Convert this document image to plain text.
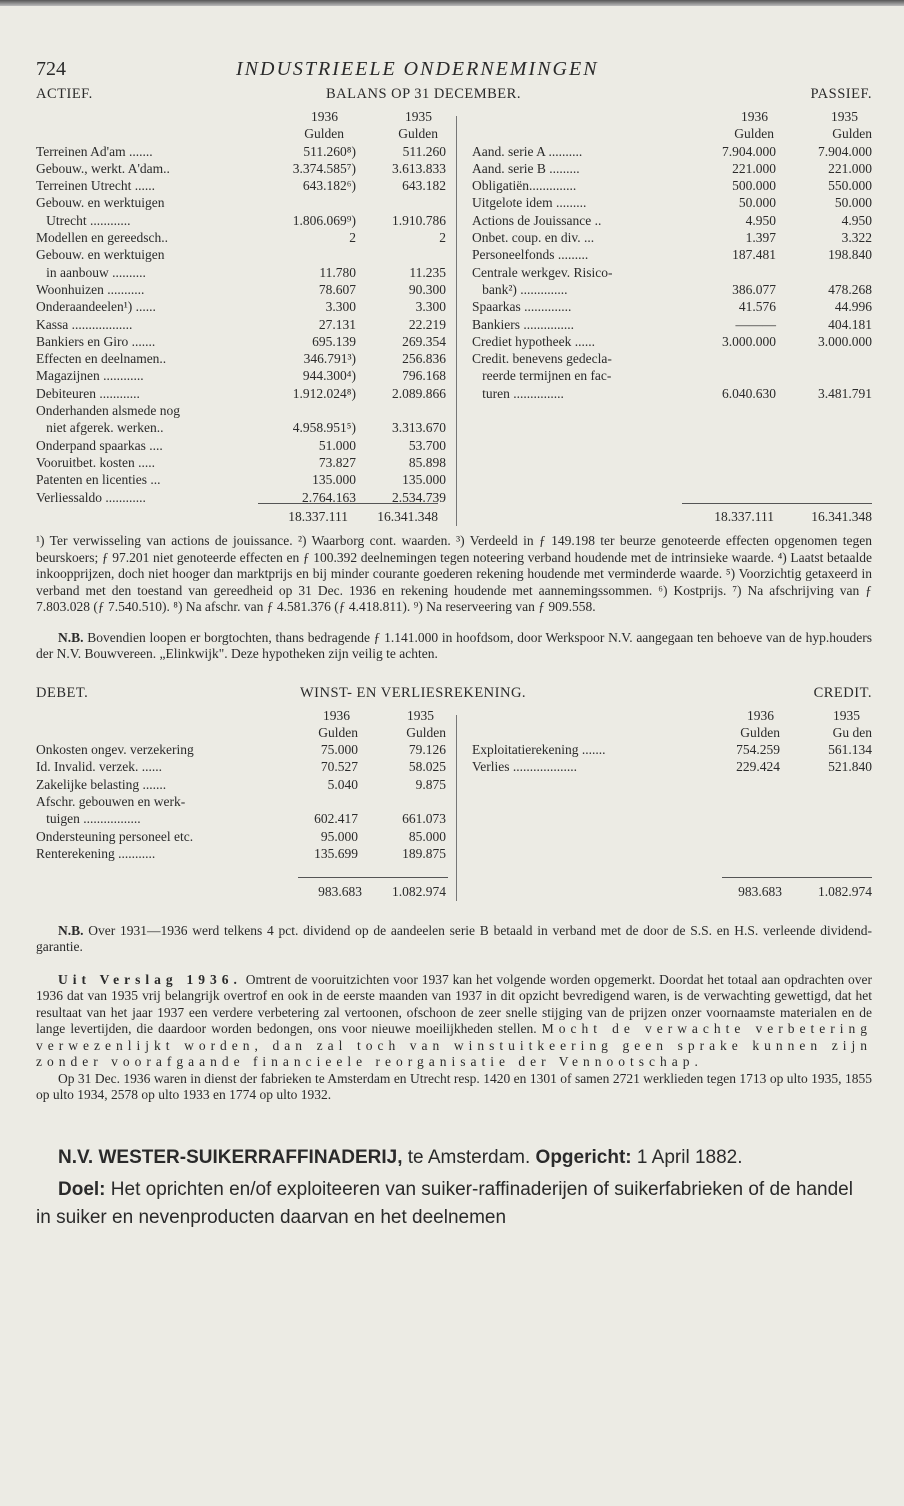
724	INDUSTRIEELE ONDERNEMINGEN
ACTIEF.	BALANS OP 31 DECEMBER.	PASSIEF.
1936	1935
Gulden	Gulden
Terreinen Ad'am .......	511.260⁸)	511.260
Gebouw., werkt. A'dam..	3.374.585⁷)	3.613.833
Terreinen Utrecht ......	643.182⁶)	643.182
Gebouw. en werktuigen
Utrecht ............	1.806.069⁹)	1.910.786
Modellen en gereedsch..	2	2
Gebouw. en werktuigen
in aanbouw ..........	11.780	11.235
Woonhuizen ...........	78.607	90.300
Onderaandeelen¹) ......	3.300	3.300
Kassa ..................	27.131	22.219
Bankiers en Giro .......	695.139	269.354
Effecten en deelnamen..	346.791³)	256.836
Magazijnen ............	944.300⁴)	796.168
Debiteuren ............	1.912.024⁸)	2.089.866
Onderhanden alsmede nog
niet afgerek. werken..	4.958.951⁵)	3.313.670
Onderpand spaarkas ....	51.000	53.700
Vooruitbet. kosten .....	73.827	85.898
Patenten en licenties ...	135.000	135.000
Verliessaldo ............	2.764.163	2.534.739
1936	1935
Gulden	Gulden
Aand. serie A ..........	7.904.000	7.904.000
Aand. serie B .........	221.000	221.000
Obligatiën..............	500.000	550.000
Uitgelote idem .........	50.000	50.000
Actions de Jouissance ..	4.950	4.950
Onbet. coup. en div. ...	1.397	3.322
Personeelfonds .........	187.481	198.840
Centrale werkgev. Risico-
bank²) ..............	386.077	478.268
Spaarkas ..............	41.576	44.996
Bankiers ...............	———	404.181
Crediet hypotheek ......	3.000.000	3.000.000
Credit. benevens gedecla-
reerde termijnen en fac-
turen ...............	6.040.630	3.481.791
18.337.111	16.341.348	18.337.111	16.341.348

¹) Ter verwisseling van actions de jouissance. ²) Waarborg cont. waarden. ³) Verdeeld in ƒ 149.198 ter beurze genoteerde effecten opgenomen tegen beurskoers; ƒ 97.201 niet genoteerde effecten en ƒ 100.392 deelnemingen tegen noteering verband houdende met de intrinsieke waarde. ⁴) Laatst betaalde inkoopprijzen, doch niet hooger dan marktprijs en bij minder courante goederen rekening houdende met verminderde waarde. ⁵) Voorzichtig getaxeerd in verband met den toestand van gereedheid op 31 Dec. 1936 en rekening houdende met aannemingssommen. ⁶) Kostprijs. ⁷) Na afschrijving van ƒ 7.803.028 (ƒ 7.540.510). ⁸) Na afschr. van ƒ 4.581.376 (ƒ 4.418.811). ⁹) Na reserveering van ƒ 909.558.

N.B. Bovendien loopen er borgtochten, thans bedragende ƒ 1.141.000 in hoofdsom, door Werkspoor N.V. aangegaan ten behoeve van de hyp.houders der N.V. Bouwvereen. „Elinkwijk". Deze hypotheken zijn veilig te achten.

DEBET.	WINST- EN VERLIESREKENING.	CREDIT.
1936	1935
Gulden	Gulden
Onkosten ongev. verzekering	75.000	79.126
Id. Invalid. verzek. ......	70.527	58.025
Zakelijke belasting .......	5.040	9.875
Afschr. gebouwen en werk-
tuigen .................	602.417	661.073
Ondersteuning personeel etc.	95.000	85.000
Renterekening ...........	135.699	189.875
1936	1935
Gulden	Gu den
Exploitatierekening .......	754.259	561.134
Verlies ...................	229.424	521.840
983.683	1.082.974	983.683	1.082.974

N.B. Over 1931—1936 werd telkens 4 pct. dividend op de aandeelen serie B betaald in verband met de door de S.S. en H.S. verleende dividend-garantie.

Uit Verslag 1936. Omtrent de vooruitzichten voor 1937 kan het volgende worden opgemerkt. Doordat het totaal aan opdrachten over 1936 dat van 1935 vrij belangrijk overtrof en ook in de eerste maanden van 1937 in dit opzicht bevredigend waren, is de verwachting gewettigd, dat het resultaat van het jaar 1937 een verdere verbetering zal vertoonen, ofschoon de zeer snelle stijging van de prijzen onzer voornaamste materialen en de lange levertijden, die daardoor worden bedongen, ons voor nieuwe moeilijkheden stellen. Mocht de verwachte verbetering verwezenlijkt worden, dan zal toch van winstuitkeering geen sprake kunnen zijn zonder voorafgaande financieele reorganisatie der Vennootschap.

Op 31 Dec. 1936 waren in dienst der fabrieken te Amsterdam en Utrecht resp. 1420 en 1301 of samen 2721 werklieden tegen 1713 op ulto 1935, 1855 op ulto 1934, 2578 op ulto 1933 en 1774 op ulto 1932.

N.V. WESTER-SUIKERRAFFINADERIJ, te Amsterdam. Opgericht: 1 April 1882.

Doel: Het oprichten en/of exploiteeren van suiker-raffinaderijen of suikerfabrieken of de handel in suiker en nevenproducten daarvan en het deelnemen
